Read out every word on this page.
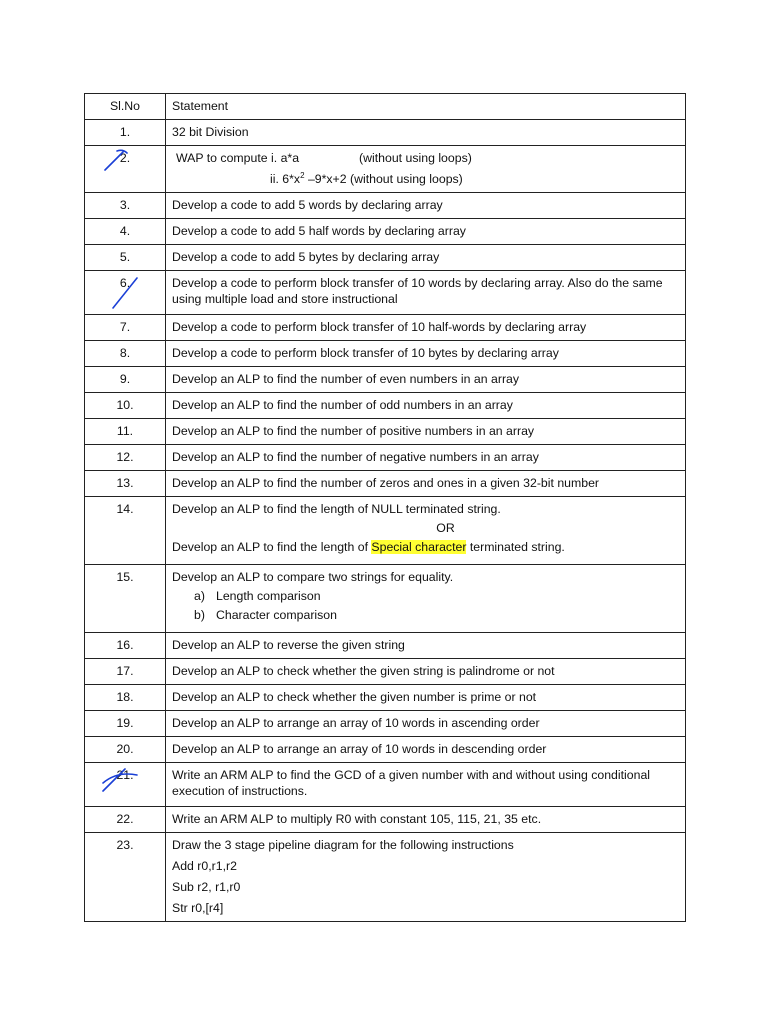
Sl.No	Statement

1.	32 bit Division

2.	WAP to compute i. a*a (without using loops)
ii. $6*x^2$ –9*x+2 (without using loops)

3.	Develop a code to add 5 words by declaring array

4.	Develop a code to add 5 half words by declaring array

5.	Develop a code to add 5 bytes by declaring array

6.	Develop a code to perform block transfer of 10 words by declaring array. Also do the same using multiple load and store instructional

7.	Develop a code to perform block transfer of 10 half-words by declaring array

8.	Develop a code to perform block transfer of 10 bytes by declaring array

9.	Develop an ALP to find the number of even numbers in an array

10.	Develop an ALP to find the number of odd numbers in an array

11.	Develop an ALP to find the number of positive numbers in an array

12.	Develop an ALP to find the number of negative numbers in an array

13.	Develop an ALP to find the number of zeros and ones in a given 32-bit number

14.	Develop an ALP to find the length of NULL terminated string.
OR
Develop an ALP to find the length of Special character terminated string.

15.	Develop an ALP to compare two strings for equality.
a) Length comparison
b) Character comparison

16.	Develop an ALP to reverse the given string

17.	Develop an ALP to check whether the given string is palindrome or not

18.	Develop an ALP to check whether the given number is prime or not

19.	Develop an ALP to arrange an array of 10 words in ascending order

20.	Develop an ALP to arrange an array of 10 words in descending order

21.	Write an ARM ALP to find the GCD of a given number with and without using conditional execution of instructions.

22.	Write an ARM ALP to multiply R0 with constant 105, 115, 21, 35 etc.

23.	Draw the 3 stage pipeline diagram for the following instructions
Add r0,r1,r2
Sub r2, r1,r0
Str r0,[r4]
